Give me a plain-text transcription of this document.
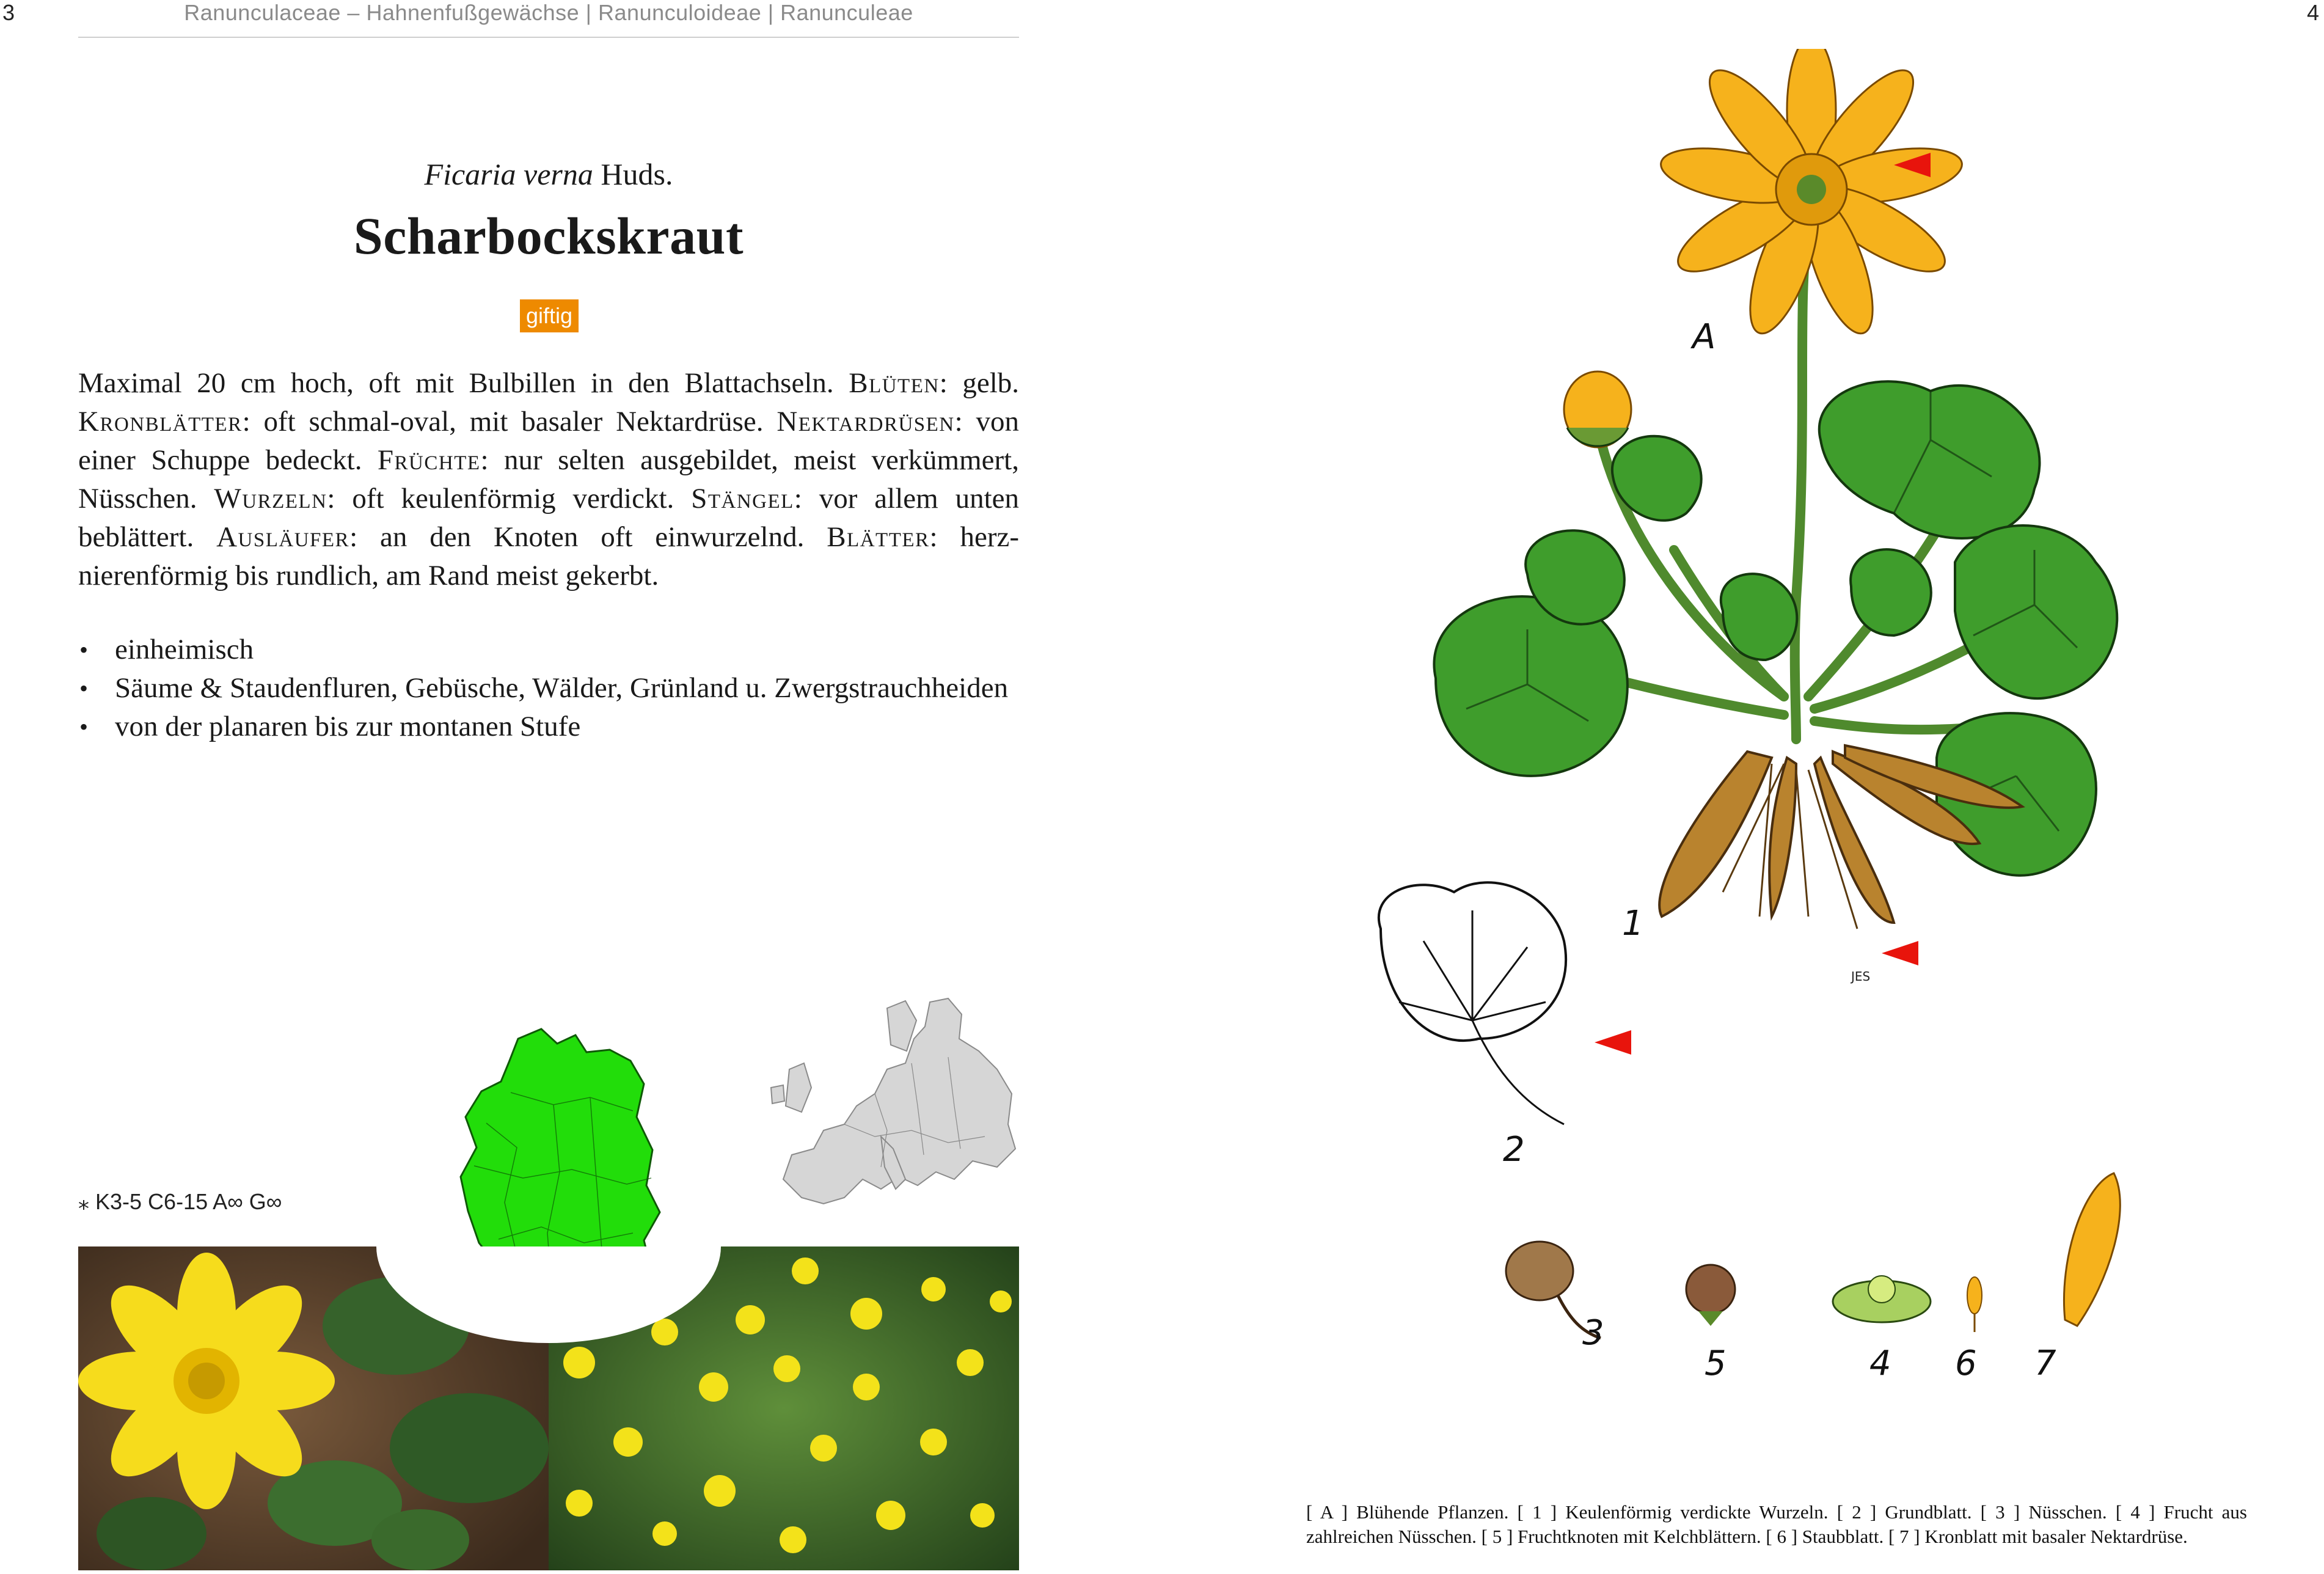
3	4
Ranunculaceae – Hahnenfußgewächse | Ranunculoideae | Ranunculeae
Ficaria verna Huds.
Scharbockskraut
giftig
Maximal 20 cm hoch, oft mit Bulbillen in den Blattachseln. Blüten: gelb. Kronblätter: oft schmal-oval, mit basaler Nektardrüse. Nektardrüsen: von einer Schuppe bedeckt. Früchte: nur selten ausgebildet, meist verkümmert, Nüsschen. Wurzeln: oft keulenförmig verdickt. Stängel: vor allem unten beblättert. Ausläufer: an den Knoten oft einwurzelnd. Blätter: herz-nierenförmig bis rundlich, am Rand meist gekerbt.
• einheimisch
• Säume & Staudenfluren, Gebüsche, Wälder, Grünland u. Zwergstrauchheiden
• von der planaren bis zur montanen Stufe
⁎ K3-5 C6-15 A∞ G∞
A
1
2
3
5	4 6 7
JES
[ A ] Blühende Pflanzen. [ 1 ] Keulenförmig verdickte Wurzeln. [ 2 ] Grundblatt. [ 3 ] Nüsschen. [ 4 ] Frucht aus zahlreichen Nüsschen. [ 5 ] Fruchtknoten mit Kelchblättern. [ 6 ] Staubblatt. [ 7 ] Kronblatt mit basaler Nektardrüse.
